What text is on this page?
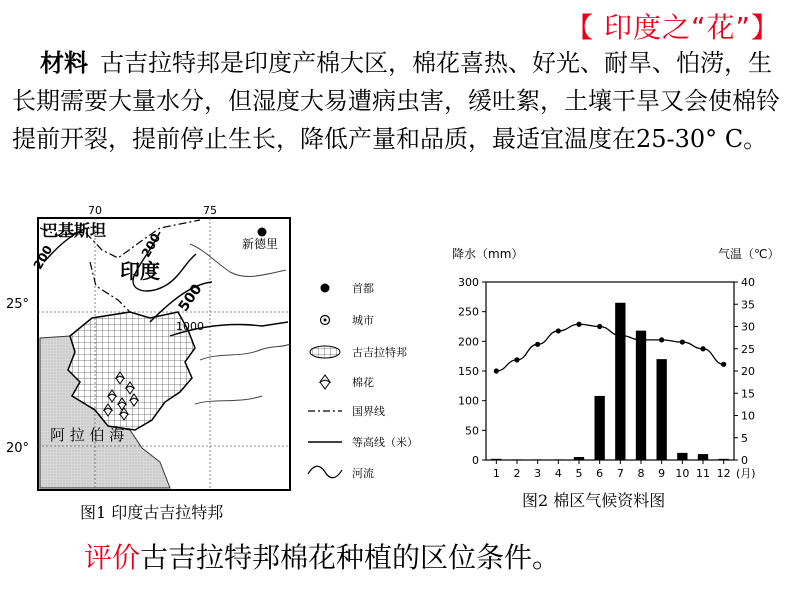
【 印度之“花”】
材料 古吉拉特邦是印度产棉大区，棉花喜热、好光、耐旱、怕涝，生长期需要大量水分，但湿度大易遭病虫害，缓吐絮，土壤干旱又会使棉铃提前开裂，提前停止生长，降低产量和品质，最适宜温度在25-30° C。
新德里
70	75
25°
20°
巴基斯坦
印度
阿 拉 伯 海
200	200
500
1000
首都
城市
古吉拉特邦
棉花
国界线
等高线（米）
河流
图1 印度古吉拉特邦
降水（mm）	气温（℃）
0
50
100
150
200
250
300
0
5
10
15
20
25
30
35
40
1 2 3 4 5 6 7 8 9 10 11 12 (月)
图2 棉区气候资料图
评价古吉拉特邦棉花种植的区位条件。
